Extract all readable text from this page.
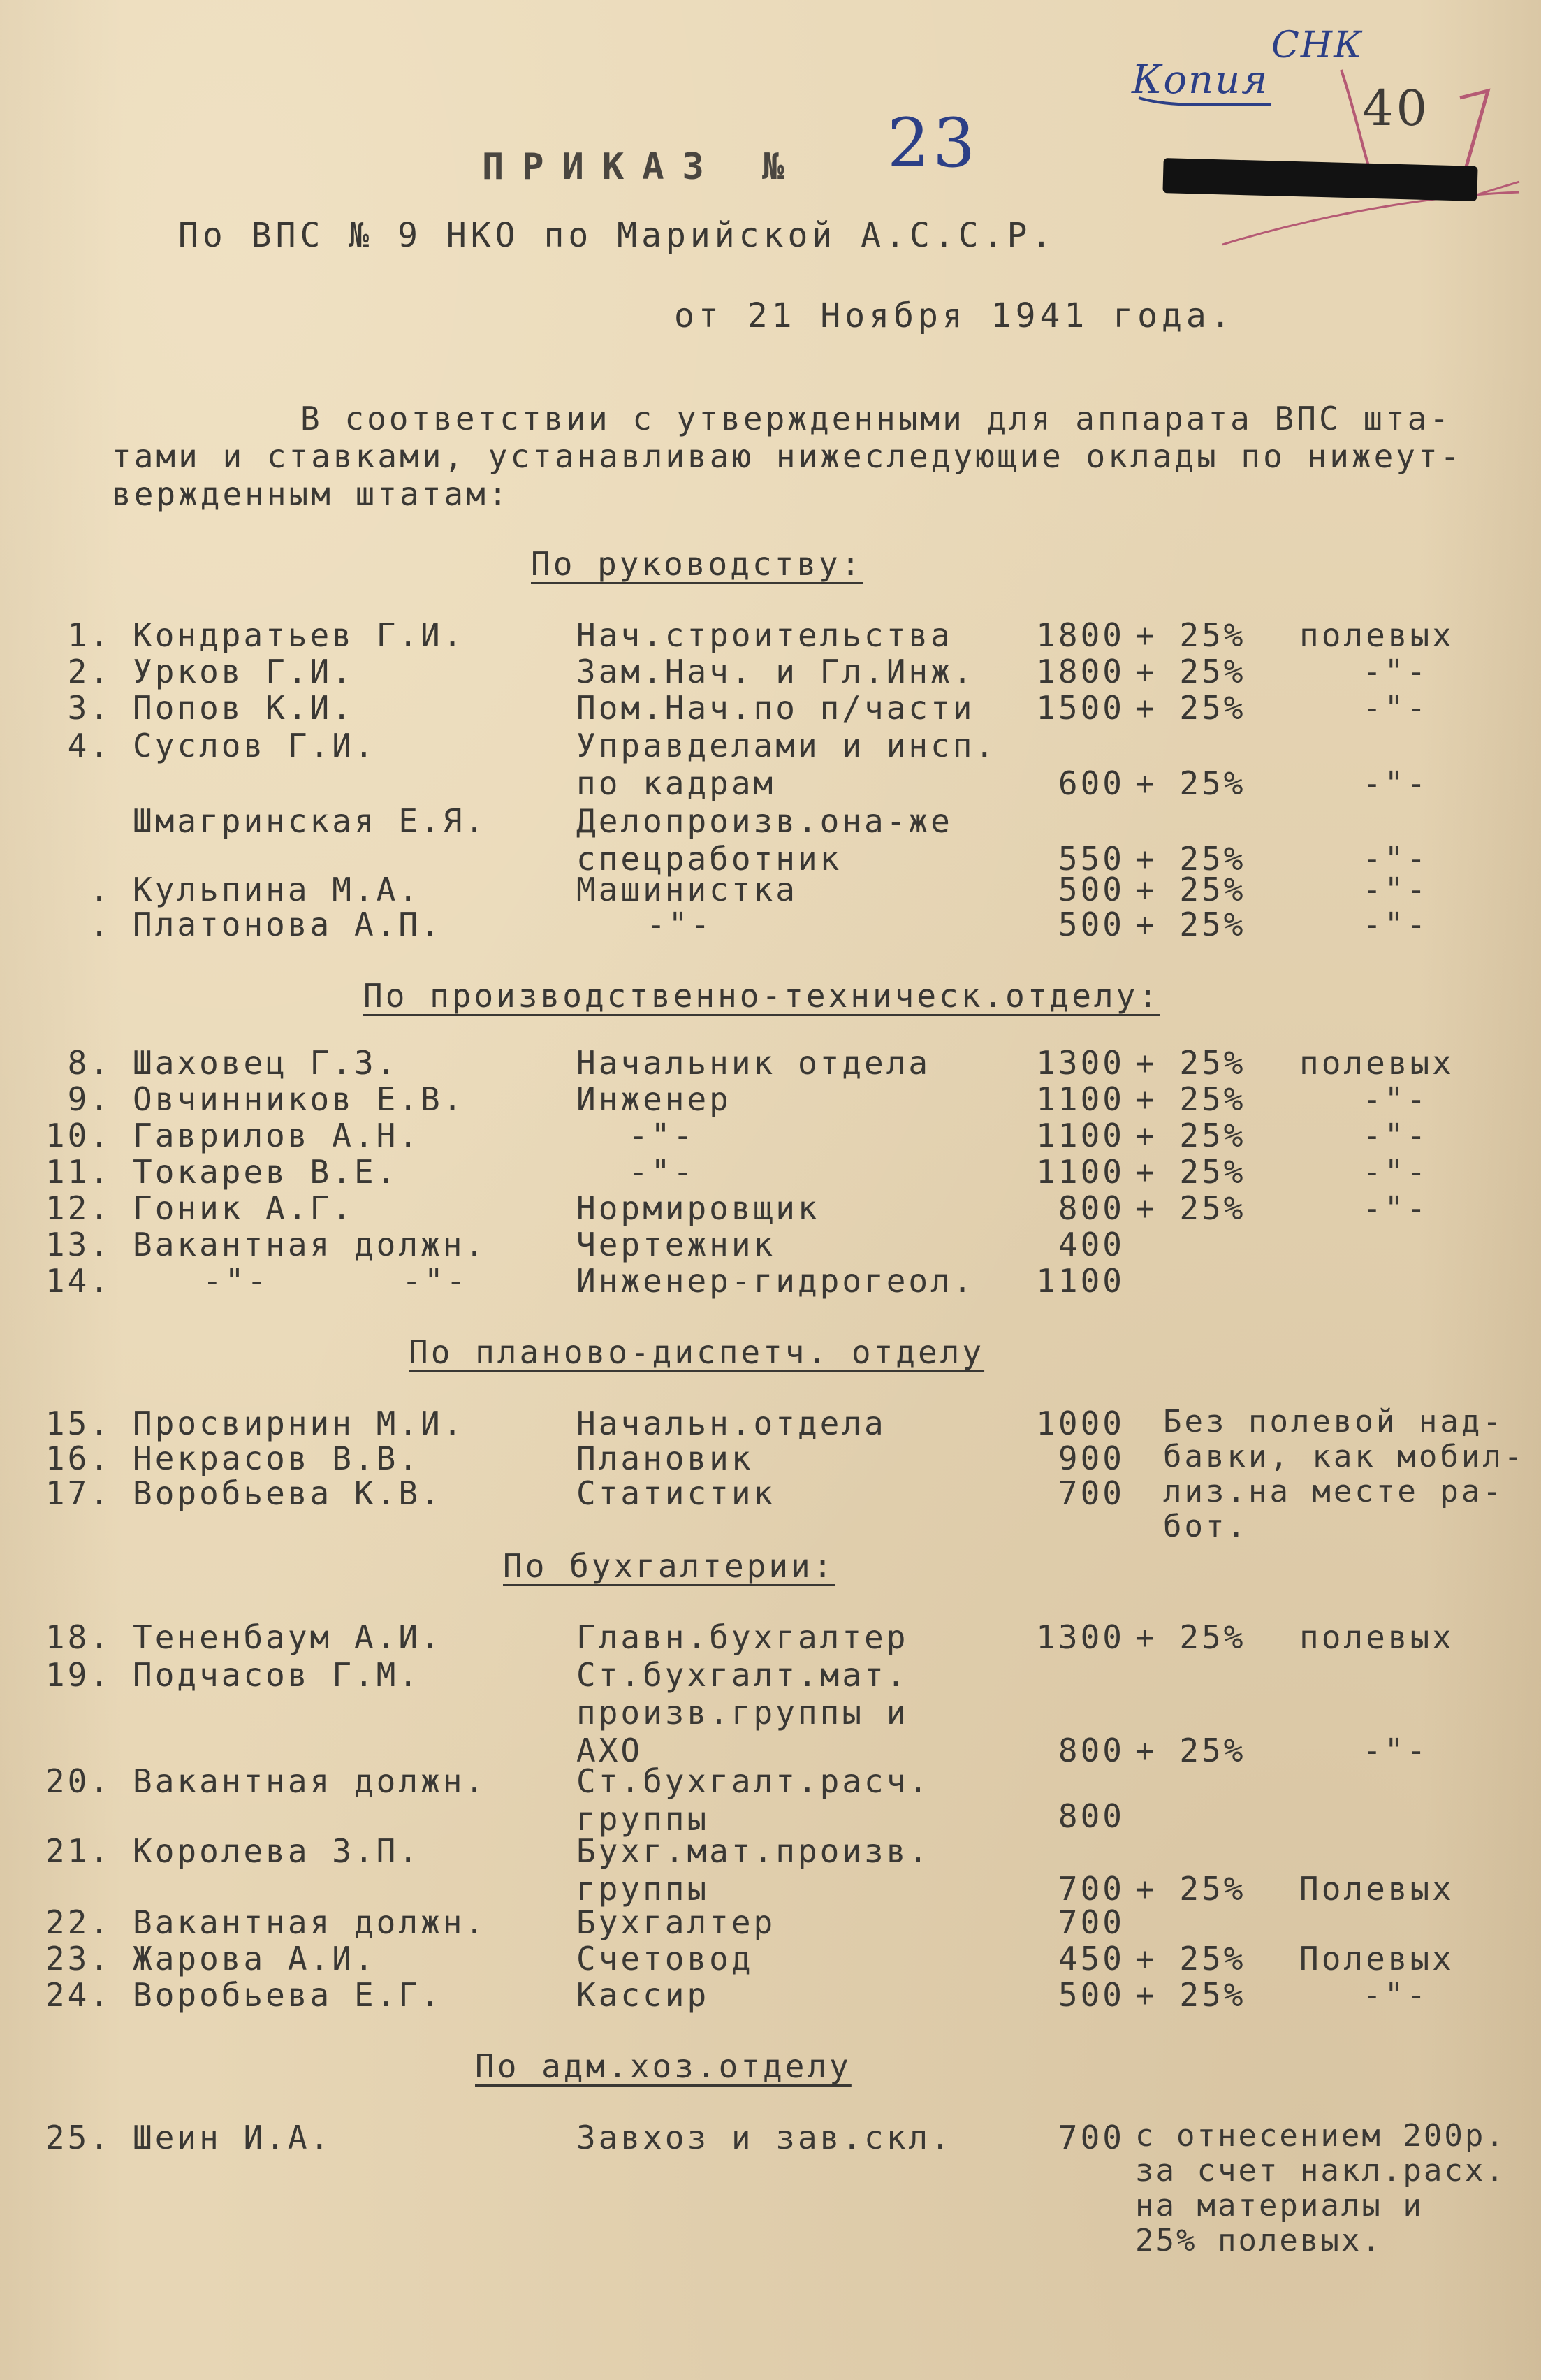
СНК
Копия 40
ПРИКАЗ № 23
По ВПС № 9 НКО по Марийской А.С.С.Р.
от 21 Ноября 1941 года.
В соответствии с утвержденными для аппарата ВПС шта-
тами и ставками, устанавливаю нижеследующие оклады по нижеут-
вержденным штатам:
По руководству:
1. Кондратьев Г.И.	Нач.строительства	1800 + 25% полевых
2. Урков Г.И.	Зам.Нач. и Гл.Инж.	1800 + 25%	-"-
3. Попов К.И.	Пом.Нач.по п/части	1500 + 25%	-"-
4. Суслов Г.И.	Управделами и инсп.
по кадрам	600 + 25%	-"-
Шмагринская Е.Я.	Делопроизв.она-же
спецработник	550 + 25%	-"-
. Кульпина М.А.	Машинистка	500 + 25%	-"-
. Платонова А.П.	-"-	500 + 25%	-"-
По производственно-техническ.отделу:
8. Шаховец Г.З.	Начальник отдела	1300 + 25% полевых
9. Овчинников Е.В.	Инженер	1100 + 25%	-"-
10. Гаврилов А.Н.	-"-	1100 + 25%	-"-
11. Токарев В.Е.	-"-	1100 + 25%	-"-
12. Гоник А.Г.	Нормировщик	800 + 25%	-"-
13. Вакантная должн.	Чертежник	400
14.	-"-      -"-	Инженер-гидрогеол.	1100
По планово-диспетч. отделу
15. Просвирнин М.И.	Начальн.отдела	1000
16. Некрасов В.В.	Плановик	900
17. Воробьева К.В.	Статистик	700
Без полевой над-
бавки, как мобил-
лиз.на месте ра-
бот.
По бухгалтерии:
18. Тененбаум А.И.	Главн.бухгалтер	1300 + 25% полевых
19. Подчасов Г.М.	Ст.бухгалт.мат.
произв.группы и
АХО	800 + 25%	-"-
20. Вакантная должн.	Ст.бухгалт.расч.
группы	800
21. Королева З.П.	Бухг.мат.произв.
группы	700 + 25% Полевых
22. Вакантная должн.	Бухгалтер	700
23. Жарова А.И.	Счетовод	450 + 25% Полевых
24. Воробьева Е.Г.	Кассир	500 + 25%	-"-
По адм.хоз.отделу
25. Шеин И.А.	Завхоз и зав.скл.	700 с отнесением 200р.
за счет накл.расх.
на материалы и
25% полевых.
